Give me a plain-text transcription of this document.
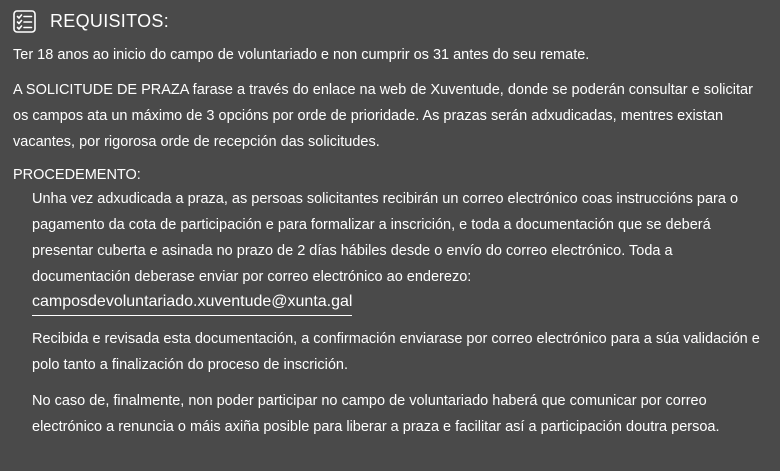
REQUISITOS:

Ter 18 anos ao inicio do campo de voluntariado e non cumprir os 31 antes do seu remate.

A SOLICITUDE DE PRAZA farase a través do enlace na web de Xuventude, donde se poderán consultar e solicitar os campos ata un máximo de 3 opcións por orde de prioridade. As prazas serán adxudicadas, mentres existan vacantes, por rigorosa orde de recepción das solicitudes.

PROCEDEMENTO:

Unha vez adxudicada a praza, as persoas solicitantes recibirán un correo electrónico coas instruccións para o pagamento da cota de participación e para formalizar a inscrición, e toda a documentación que se deberá presentar cuberta e asinada no prazo de 2 días hábiles desde o envío do correo electrónico. Toda a documentación deberase enviar por correo electrónico ao enderezo:

camposdevoluntariado.xuventude@xunta.gal

Recibida e revisada esta documentación, a confirmación enviarase por correo electrónico para a súa validación e polo tanto a finalización do proceso de inscrición.

No caso de, finalmente, non poder participar no campo de voluntariado haberá que comunicar por correo electrónico a renuncia o máis axiña posible para liberar a praza e facilitar así a participación doutra persoa.
